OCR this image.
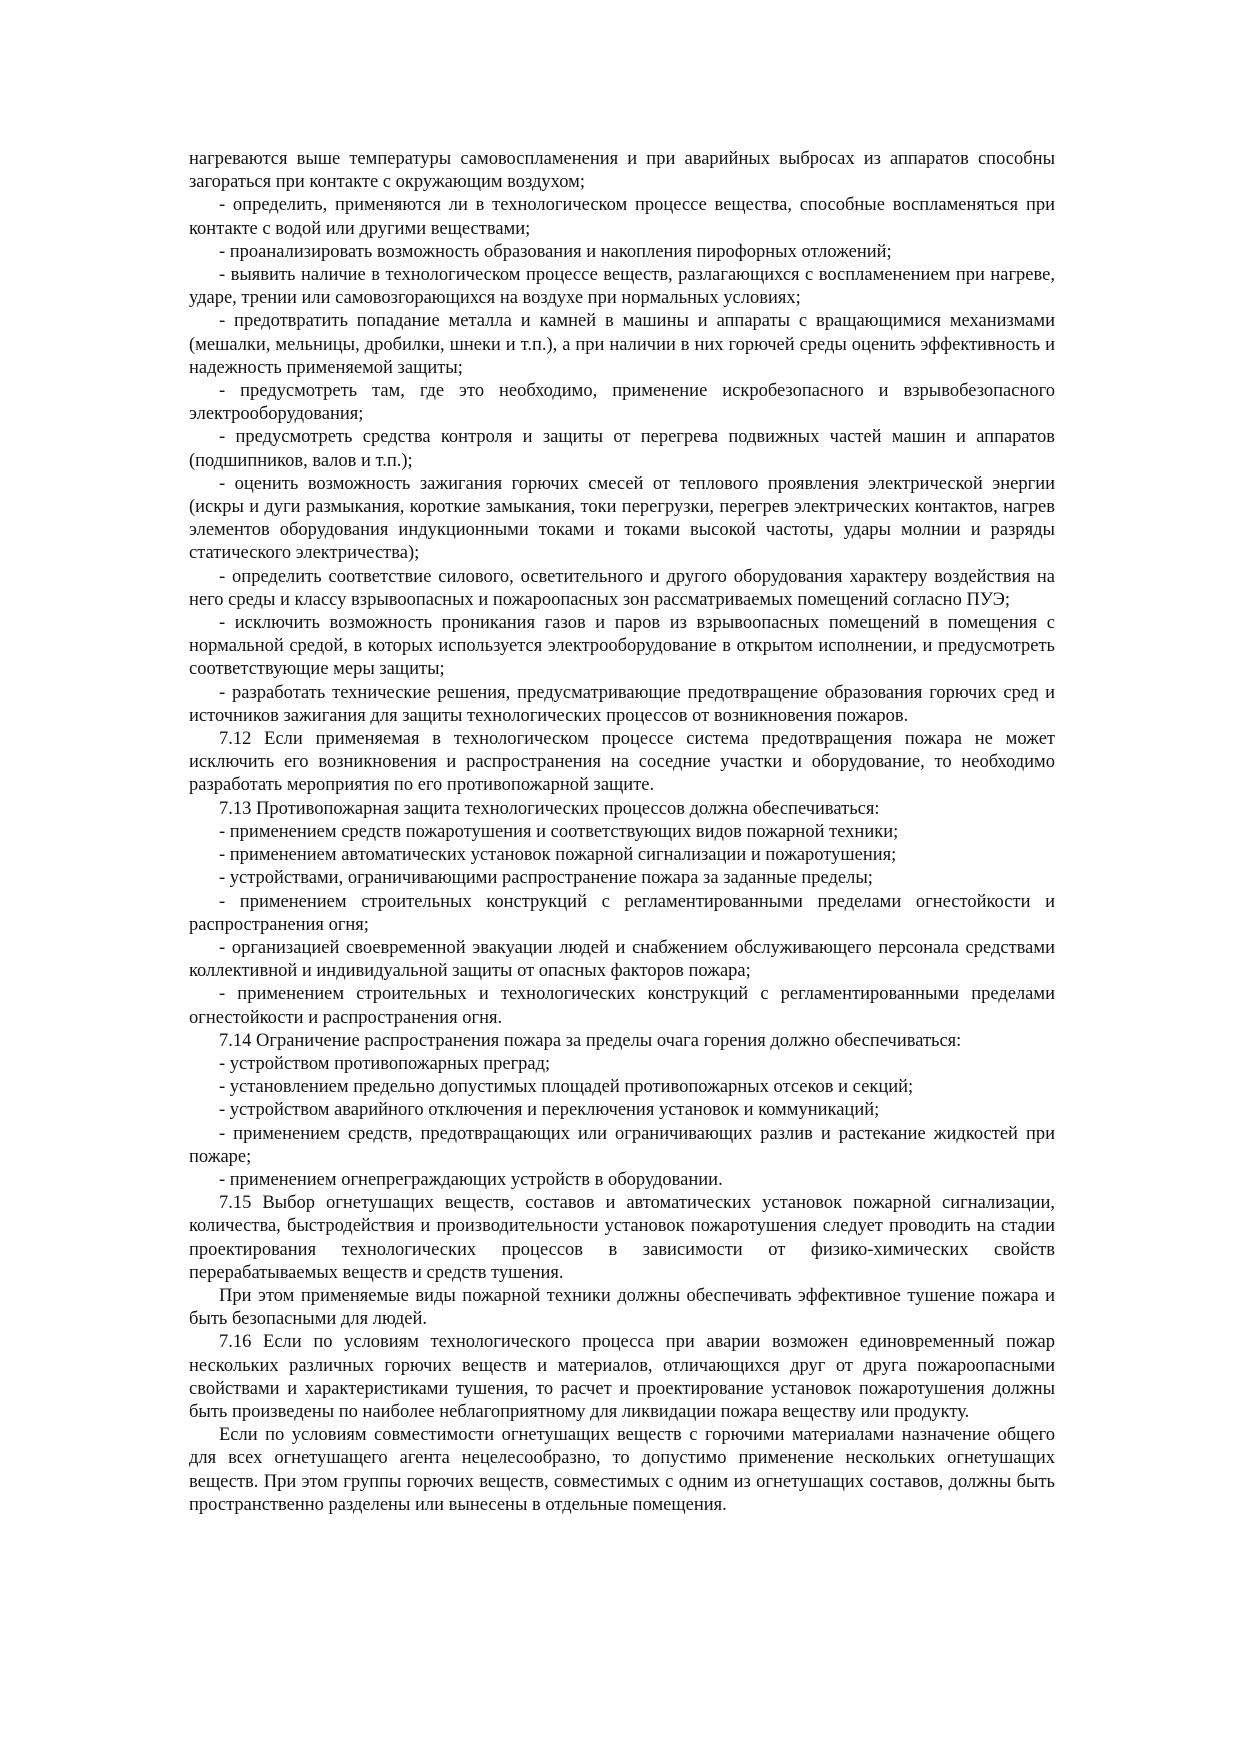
нагреваются выше температуры самовоспламенения и при аварийных выбросах из аппаратов способны загораться при контакте с окружающим воздухом;

- определить, применяются ли в технологическом процессе вещества, способные воспламеняться при контакте с водой или другими веществами;

- проанализировать возможность образования и накопления пирофорных отложений;

- выявить наличие в технологическом процессе веществ, разлагающихся с воспламенением при нагреве, ударе, трении или самовозгорающихся на воздухе при нормальных условиях;

- предотвратить попадание металла и камней в машины и аппараты с вращающимися механизмами (мешалки, мельницы, дробилки, шнеки и т.п.), а при наличии в них горючей среды оценить эффективность и надежность применяемой защиты;

- предусмотреть там, где это необходимо, применение искробезопасного и взрывобезопасного электрооборудования;

- предусмотреть средства контроля и защиты от перегрева подвижных частей машин и аппаратов (подшипников, валов и т.п.);

- оценить возможность зажигания горючих смесей от теплового проявления электрической энергии (искры и дуги размыкания, короткие замыкания, токи перегрузки, перегрев электрических контактов, нагрев элементов оборудования индукционными токами и токами высокой частоты, удары молнии и разряды статического электричества);

- определить соответствие силового, осветительного и другого оборудования характеру воздействия на него среды и классу взрывоопасных и пожароопасных зон рассматриваемых помещений согласно ПУЭ;

- исключить возможность проникания газов и паров из взрывоопасных помещений в помещения с нормальной средой, в которых используется электрооборудование в открытом исполнении, и предусмотреть соответствующие меры защиты;

- разработать технические решения, предусматривающие предотвращение образования горючих сред и источников зажигания для защиты технологических процессов от возникновения пожаров.

7.12 Если применяемая в технологическом процессе система предотвращения пожара не может исключить его возникновения и распространения на соседние участки и оборудование, то необходимо разработать мероприятия по его противопожарной защите.

7.13 Противопожарная защита технологических процессов должна обеспечиваться:

- применением средств пожаротушения и соответствующих видов пожарной техники;

- применением автоматических установок пожарной сигнализации и пожаротушения;

- устройствами, ограничивающими распространение пожара за заданные пределы;

- применением строительных конструкций с регламентированными пределами огнестойкости и распространения огня;

- организацией своевременной эвакуации людей и снабжением обслуживающего персонала средствами коллективной и индивидуальной защиты от опасных факторов пожара;

- применением строительных и технологических конструкций с регламентированными пределами огнестойкости и распространения огня.

7.14 Ограничение распространения пожара за пределы очага горения должно обеспечиваться:

- устройством противопожарных преград;

- установлением предельно допустимых площадей противопожарных отсеков и секций;

- устройством аварийного отключения и переключения установок и коммуникаций;

- применением средств, предотвращающих или ограничивающих разлив и растекание жидкостей при пожаре;

- применением огнепреграждающих устройств в оборудовании.

7.15 Выбор огнетушащих веществ, составов и автоматических установок пожарной сигнализации, количества, быстродействия и производительности установок пожаротушения следует проводить на стадии проектирования технологических процессов в зависимости от физико-химических свойств перерабатываемых веществ и средств тушения.

При этом применяемые виды пожарной техники должны обеспечивать эффективное тушение пожара и быть безопасными для людей.

7.16 Если по условиям технологического процесса при аварии возможен единовременный пожар нескольких различных горючих веществ и материалов, отличающихся друг от друга пожароопасными свойствами и характеристиками тушения, то расчет и проектирование установок пожаротушения должны быть произведены по наиболее неблагоприятному для ликвидации пожара веществу или продукту.

Если по условиям совместимости огнетушащих веществ с горючими материалами назначение общего для всех огнетушащего агента нецелесообразно, то допустимо применение нескольких огнетушащих веществ. При этом группы горючих веществ, совместимых с одним из огнетушащих составов, должны быть пространственно разделены или вынесены в отдельные помещения.
